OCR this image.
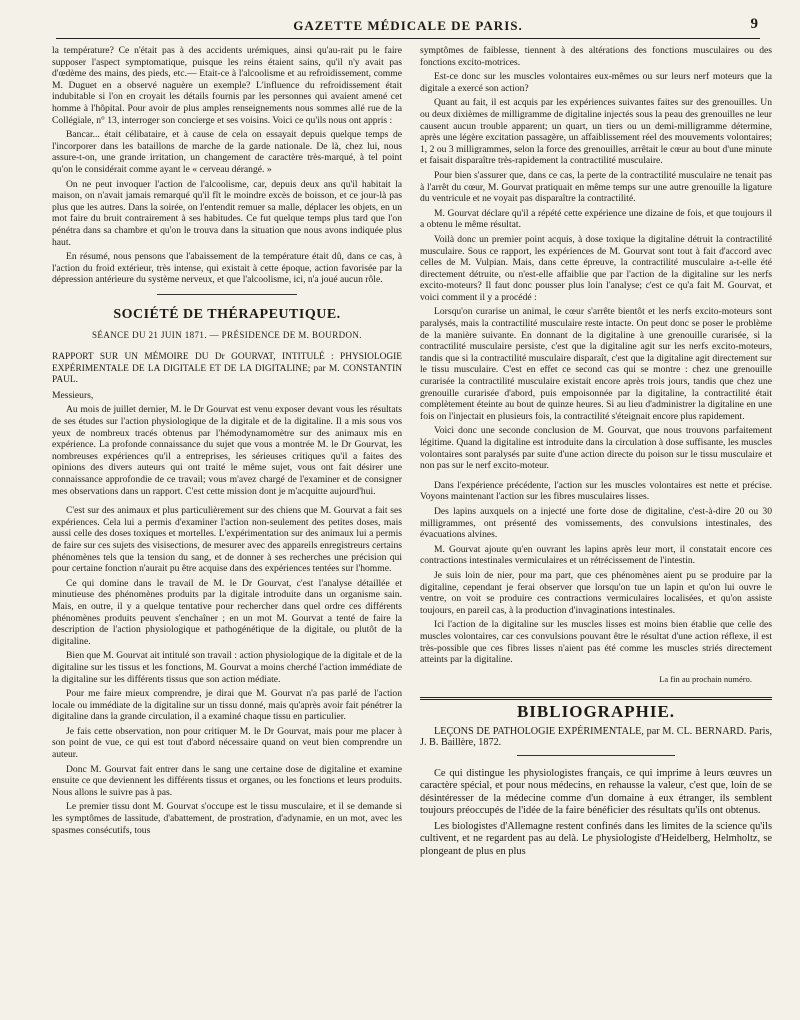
GAZETTE MÉDICALE DE PARIS.	9

la température? Ce n'était pas à des accidents urémiques, ainsi qu'au-rait pu le faire supposer l'aspect symptomatique, puisque les reins étaient sains, qu'il n'y avait pas d'œdème des mains, des pieds, etc.— Etait-ce à l'alcoolisme et au refroidissement, comme M. Duguet en a observé naguère un exemple? L'influence du refroidissement était indubitable si l'on en croyait les détails fournis par les personnes qui avaient amené cet homme à l'hôpital. Pour avoir de plus amples renseignements nous sommes allé rue de la Collégiale, n° 13, interroger son concierge et ses voisins. Voici ce qu'ils nous ont appris :

Bancar... était célibataire, et à cause de cela on essayait depuis quelque temps de l'incorporer dans les bataillons de marche de la garde nationale. De là, chez lui, nous assure-t-on, une grande irritation, un changement de caractère très-marqué, à tel point qu'on le considérait comme ayant le « cerveau dérangé. »

On ne peut invoquer l'action de l'alcoolisme, car, depuis deux ans qu'il habitait la maison, on n'avait jamais remarqué qu'il fît le moindre excès de boisson, et ce jour-là pas plus que les autres. Dans la soirée, on l'entendit remuer sa malle, déplacer les objets, en un mot faire du bruit contrairement à ses habitudes. Ce fut quelque temps plus tard que l'on pénétra dans sa chambre et qu'on le trouva dans la situation que nous avons indiquée plus haut.

En résumé, nous pensons que l'abaissement de la température était dû, dans ce cas, à l'action du froid extérieur, très intense, qui existait à cette époque, action favorisée par la dépression antérieure du système nerveux, et que l'alcoolisme, ici, n'a joué aucun rôle.

SOCIÉTÉ DE THÉRAPEUTIQUE.
SÉANCE DU 21 JUIN 1871. — PRÉSIDENCE DE M. BOURDON.

RAPPORT SUR UN MÉMOIRE DU Dr GOURVAT, INTITULÉ : PHYSIOLOGIE EXPÉRIMENTALE DE LA DIGITALE ET DE LA DIGITALINE; par M. CONSTANTIN PAUL.

Messieurs,

Au mois de juillet dernier, M. le Dr Gourvat est venu exposer devant vous les résultats de ses études sur l'action physiologique de la digitale et de la digitaline. Il a mis sous vos yeux de nombreux tracés obtenus par l'hémodynamomètre sur des animaux mis en expérience. La profonde connaissance du sujet que vous a montrée M. le Dr Gourvat, les nombreuses expériences qu'il a entreprises, les sérieuses critiques qu'il a faites des opinions des divers auteurs qui ont traité le même sujet, vous ont fait désirer une connaissance approfondie de ce travail; vous m'avez chargé de l'examiner et de consigner mes observations dans un rapport. C'est cette mission dont je m'acquitte aujourd'hui.

C'est sur des animaux et plus particulièrement sur des chiens que M. Gourvat a fait ses expériences. Cela lui a permis d'examiner l'action non-seulement des petites doses, mais aussi celle des doses toxiques et mortelles. L'expérimentation sur des animaux lui a permis de faire sur ces sujets des visisections, de mesurer avec des appareils enregistreurs certains phénomènes tels que la tension du sang, et de donner à ses recherches une précision qui pour certaine fonction n'aurait pu être acquise dans des expériences tentées sur l'homme.

Ce qui domine dans le travail de M. le Dr Gourvat, c'est l'analyse détaillée et minutieuse des phénomènes produits par la digitale introduite dans un organisme sain. Mais, en outre, il y a quelque tentative pour rechercher dans quel ordre ces différents phénomènes produits peuvent s'enchaîner ; en un mot M. Gourvat a tenté de faire la description de l'action physiologique et pathogénétique de la digitale, ou plutôt de la digitaline.

Bien que M. Gourvat ait intitulé son travail : action physiologique de la digitale et de la digitaline sur les tissus et les fonctions, M. Gourvat a moins cherché l'action immédiate de la digitaline sur les différents tissus que son action médiate.

Pour me faire mieux comprendre, je dirai que M. Gourvat n'a pas parlé de l'action locale ou immédiate de la digitaline sur un tissu donné, mais qu'après avoir fait pénétrer la digitaline dans la grande circulation, il a examiné chaque tissu en particulier.

Je fais cette observation, non pour critiquer M. le Dr Gourvat, mais pour me placer à son point de vue, ce qui est tout d'abord nécessaire quand on veut bien comprendre un auteur.

Donc M. Gourvat fait entrer dans le sang une certaine dose de digitaline et examine ensuite ce que deviennent les différents tissus et organes, ou les fonctions et leurs produits. Nous allons le suivre pas à pas.

Le premier tissu dont M. Gourvat s'occupe est le tissu musculaire, et il se demande si les symptômes de lassitude, d'abattement, de prostration, d'adynamie, en un mot, avec les spasmes consécutifs, tous

symptômes de faiblesse, tiennent à des altérations des fonctions musculaires ou des fonctions excito-motrices.

Est-ce donc sur les muscles volontaires eux-mêmes ou sur leurs nerf moteurs que la digitale a exercé son action?

Quant au fait, il est acquis par les expériences suivantes faites sur des grenouilles. Un ou deux dixièmes de milligramme de digitaline injectés sous la peau des grenouilles ne leur causent aucun trouble apparent; un quart, un tiers ou un demi-milligramme détermine, après une légère excitation passagère, un affaiblissement réel des mouvements volontaires; 1, 2 ou 3 milligrammes, selon la force des grenouilles, arrêtait le cœur au bout d'une minute et faisait disparaître très-rapidement la contractilité musculaire.

Pour bien s'assurer que, dans ce cas, la perte de la contractilité musculaire ne tenait pas à l'arrêt du cœur, M. Gourvat pratiquait en même temps sur une autre grenouille la ligature du ventricule et ne voyait pas disparaître la contractilité.

M. Gourvat déclare qu'il a répété cette expérience une dizaine de fois, et que toujours il a obtenu le même résultat.

Voilà donc un premier point acquis, à dose toxique la digitaline détruit la contractilité musculaire. Sous ce rapport, les expériences de M. Gourvat sont tout à fait d'accord avec celles de M. Vulpian. Mais, dans cette épreuve, la contractilité musculaire a-t-elle été directement détruite, ou n'est-elle affaiblie que par l'action de la digitaline sur les nerfs excito-moteurs? Il faut donc pousser plus loin l'analyse; c'est ce qu'a fait M. Gourvat, et voici comment il y a procédé :

Lorsqu'on curarise un animal, le cœur s'arrête bientôt et les nerfs excito-moteurs sont paralysés, mais la contractilité musculaire reste intacte. On peut donc se poser le problème de la manière suivante. En donnant de la digitaline à une grenouille curarisée, si la contractilité musculaire persiste, c'est que la digitaline agit sur les nerfs excito-moteurs, tandis que si la contractilité musculaire disparaît, c'est que la digitaline agit directement sur le tissu musculaire. C'est en effet ce second cas qui se montre : chez une grenouille curarisée la contractilité musculaire existait encore après trois jours, tandis que chez une grenouille curarisée d'abord, puis empoisonnée par la digitaline, la contractilité était complètement éteinte au bout de quinze heures. Si au lieu d'administrer la digitaline en une fois on l'injectait en plusieurs fois, la contractilité s'éteignait encore plus rapidement.

Voici donc une seconde conclusion de M. Gourvat, que nous trouvons parfaitement légitime. Quand la digitaline est introduite dans la circulation à dose suffisante, les muscles volontaires sont paralysés par suite d'une action directe du poison sur le tissu musculaire et non pas sur le nerf excito-moteur.

Dans l'expérience précédente, l'action sur les muscles volontaires est nette et précise. Voyons maintenant l'action sur les fibres musculaires lisses.

Des lapins auxquels on a injecté une forte dose de digitaline, c'est-à-dire 20 ou 30 milligrammes, ont présenté des vomissements, des convulsions intestinales, des évacuations alvines.

M. Gourvat ajoute qu'en ouvrant les lapins après leur mort, il constatait encore ces contractions intestinales vermiculaires et un rétrécissement de l'intestin.

Je suis loin de nier, pour ma part, que ces phénomènes aient pu se produire par la digitaline, cependant je ferai observer que lorsqu'on tue un lapin et qu'on lui ouvre le ventre, on voit se produire ces contractions vermiculaires localisées, et qu'on assiste toujours, en pareil cas, à la production d'invaginations intestinales.

Ici l'action de la digitaline sur les muscles lisses est moins bien établie que celle des muscles volontaires, car ces convulsions pouvant être le résultat d'une action réflexe, il est très-possible que ces fibres lisses n'aient pas été comme les muscles striés directement atteints par la digitaline.

La fin au prochain numéro.
BIBLIOGRAPHIE.

LEÇONS DE PATHOLOGIE EXPÉRIMENTALE, par M. CL. BERNARD. Paris, J. B. Baillère, 1872.

Ce qui distingue les physiologistes français, ce qui imprime à leurs œuvres un caractère spécial, et pour nous médecins, en rehausse la valeur, c'est que, loin de se désintéresser de la médecine comme d'un domaine à eux étranger, ils semblent toujours préoccupés de l'idée de la faire bénéficier des résultats qu'ils ont obtenus.

Les biologistes d'Allemagne restent confinés dans les limites de la science qu'ils cultivent, et ne regardent pas au delà. Le physiologiste d'Heidelberg, Helmholtz, se plongeant de plus en plus
